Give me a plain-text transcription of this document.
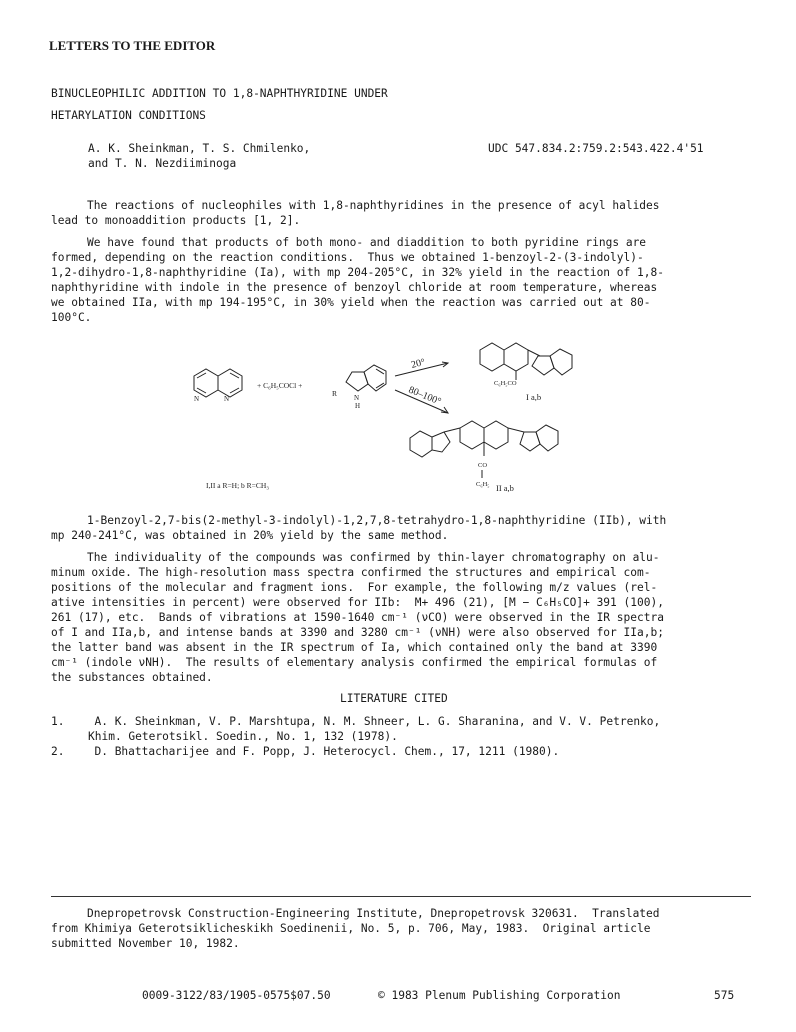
LETTERS TO THE EDITOR
BINUCLEOPHILIC ADDITION TO 1,8-NAPHTHYRIDINE UNDER
HETARYLATION CONDITIONS
A. K. Sheinkman, T. S. Chmilenko,
and T. N. Nezdiiminoga
UDC 547.834.2:759.2:543.422.4'51
The reactions of nucleophiles with 1,8-naphthyridines in the presence of acyl halides
lead to monoaddition products [1, 2].
We have found that products of both mono- and diaddition to both pyridine rings are
formed, depending on the reaction conditions.  Thus we obtained 1-benzoyl-2-(3-indolyl)-
1,2-dihydro-1,8-naphthyridine (Ia), with mp 204-205°C, in 32% yield in the reaction of 1,8-
naphthyridine with indole in the presence of benzoyl chloride at room temperature, whereas
we obtained IIa, with mp 194-195°C, in 30% yield when the reaction was carried out at 80-
100°C.
N	N
+ C₆H₅COCl +
R N
H
20°
80–100°
C₆H₅CO
I a,b
CO
C₆H₅ II a,b
I,II a R=H; b R=CH₃
1-Benzoyl-2,7-bis(2-methyl-3-indolyl)-1,2,7,8-tetrahydro-1,8-naphthyridine (IIb), with
mp 240-241°C, was obtained in 20% yield by the same method.
The individuality of the compounds was confirmed by thin-layer chromatography on alu-
minum oxide. The high-resolution mass spectra confirmed the structures and empirical com-
positions of the molecular and fragment ions.  For example, the following m/z values (rel-
ative intensities in percent) were observed for IIb:  M+ 496 (21), [M − C₆H₅CO]+ 391 (100),
261 (17), etc.  Bands of vibrations at 1590-1640 cm⁻¹ (νCO) were observed in the IR spectra
of I and IIa,b, and intense bands at 3390 and 3280 cm⁻¹ (νNH) were also observed for IIa,b;
the latter band was absent in the IR spectrum of Ia, which contained only the band at 3390
cm⁻¹ (indole νNH).  The results of elementary analysis confirmed the empirical formulas of
the substances obtained.
LITERATURE CITED
1.	A. K. Sheinkman, V. P. Marshtupa, N. M. Shneer, L. G. Sharanina, and V. V. Petrenko,
Khim. Geterotsikl. Soedin., No. 1, 132 (1978).
2.	D. Bhattacharijee and F. Popp, J. Heterocycl. Chem., 17, 1211 (1980).
Dnepropetrovsk Construction-Engineering Institute, Dnepropetrovsk 320631.  Translated
from Khimiya Geterotsiklicheskikh Soedinenii, No. 5, p. 706, May, 1983.  Original article
submitted November 10, 1982.
0009-3122/83/1905-0575$07.50	© 1983 Plenum Publishing Corporation	575
